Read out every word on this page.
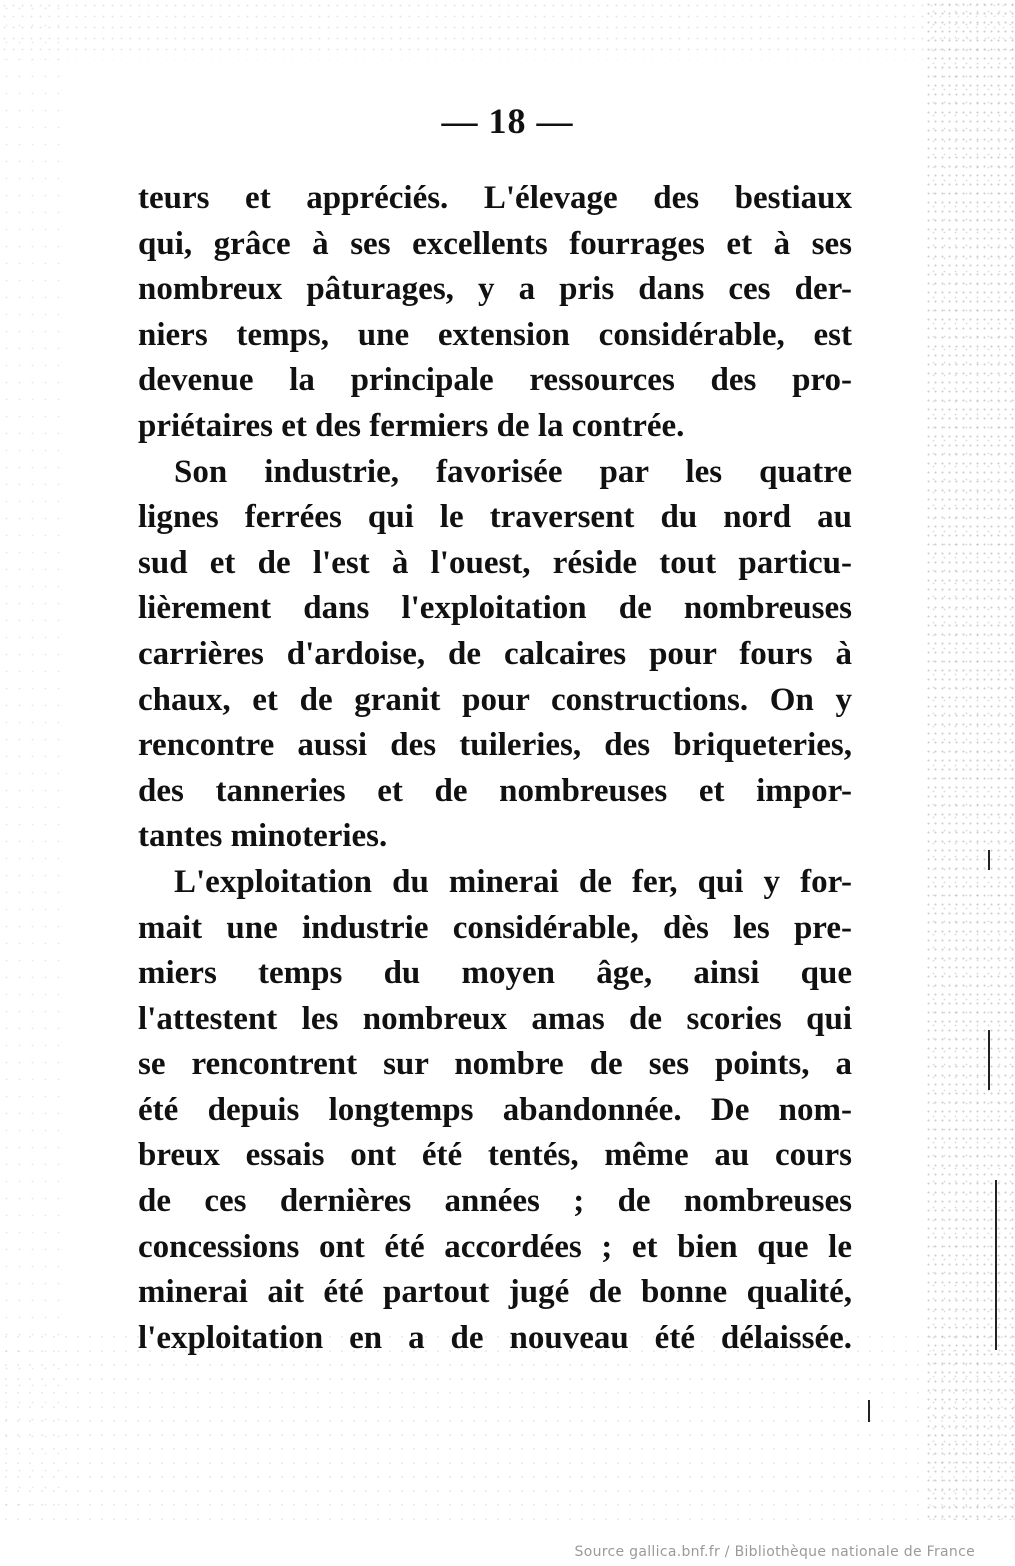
— 18 —
teurs et appréciés. L'élevage des bestiaux
qui, grâce à ses excellents fourrages et à ses
nombreux pâturages, y a pris dans ces der-
niers temps, une extension considérable, est
devenue la principale ressources des pro-
priétaires et des fermiers de la contrée.
Son industrie, favorisée par les quatre
lignes ferrées qui le traversent du nord au
sud et de l'est à l'ouest, réside tout particu-
lièrement dans l'exploitation de nombreuses
carrières d'ardoise, de calcaires pour fours à
chaux, et de granit pour constructions. On y
rencontre aussi des tuileries, des briqueteries,
des tanneries et de nombreuses et impor-
tantes minoteries.
L'exploitation du minerai de fer, qui y for-
mait une industrie considérable, dès les pre-
miers temps du moyen âge, ainsi que
l'attestent les nombreux amas de scories qui
se rencontrent sur nombre de ses points, a
été depuis longtemps abandonnée. De nom-
breux essais ont été tentés, même au cours
de ces dernières années ; de nombreuses
concessions ont été accordées ; et bien que le
minerai ait été partout jugé de bonne qualité,
l'exploitation en a de nouveau été délaissée.
Source gallica.bnf.fr / Bibliothèque nationale de France
